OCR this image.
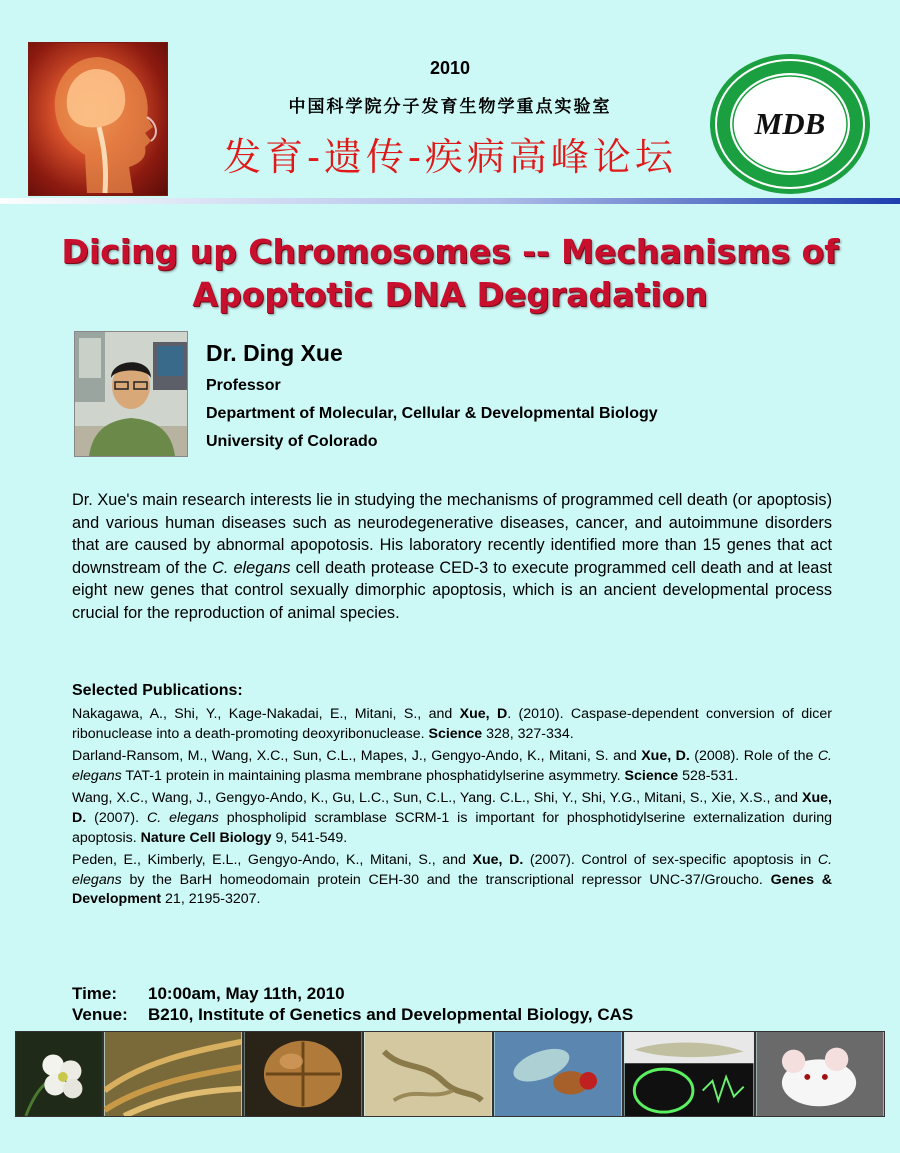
MDB
2010
中国科学院分子发育生物学重点实验室
发育-遗传-疾病高峰论坛
Dicing up Chromosomes -- Mechanisms of
Apoptotic DNA Degradation
Dr. Ding Xue
Professor
Department of Molecular, Cellular & Developmental Biology
University of Colorado
Dr. Xue's main research interests lie in studying the mechanisms of programmed cell death (or apoptosis) and various human diseases such as neurodegenerative diseases, cancer, and autoimmune disorders that are caused by abnormal apopotosis. His laboratory recently identified more than 15 genes that act downstream of the C. elegans cell death protease CED-3 to execute programmed cell death and at least eight new genes that control sexually dimorphic apoptosis, which is an ancient developmental process crucial for the reproduction of animal species.
Selected Publications:
Nakagawa, A., Shi, Y., Kage-Nakadai, E., Mitani, S., and Xue, D. (2010). Caspase-dependent conversion of dicer ribonuclease into a death-promoting deoxyribonuclease. Science 328, 327-334.
Darland-Ransom, M., Wang, X.C., Sun, C.L., Mapes, J., Gengyo-Ando, K., Mitani, S. and Xue, D. (2008). Role of the C. elegans TAT-1 protein in maintaining plasma membrane phosphatidylserine asymmetry. Science 528-531.
Wang, X.C., Wang, J., Gengyo-Ando, K., Gu, L.C., Sun, C.L., Yang. C.L., Shi, Y., Shi, Y.G., Mitani, S., Xie, X.S., and Xue, D. (2007). C. elegans phospholipid scramblase SCRM-1 is important for phosphotidylserine externalization during apoptosis. Nature Cell Biology 9, 541-549.
Peden, E., Kimberly, E.L., Gengyo-Ando, K., Mitani, S., and Xue, D. (2007). Control of sex-specific apoptosis in C. elegans by the BarH homeodomain protein CEH-30 and the transcriptional repressor UNC-37/Groucho. Genes & Development 21, 2195-3207.
Time: 10:00am, May 11th, 2010
Venue: B210, Institute of Genetics and Developmental Biology, CAS
